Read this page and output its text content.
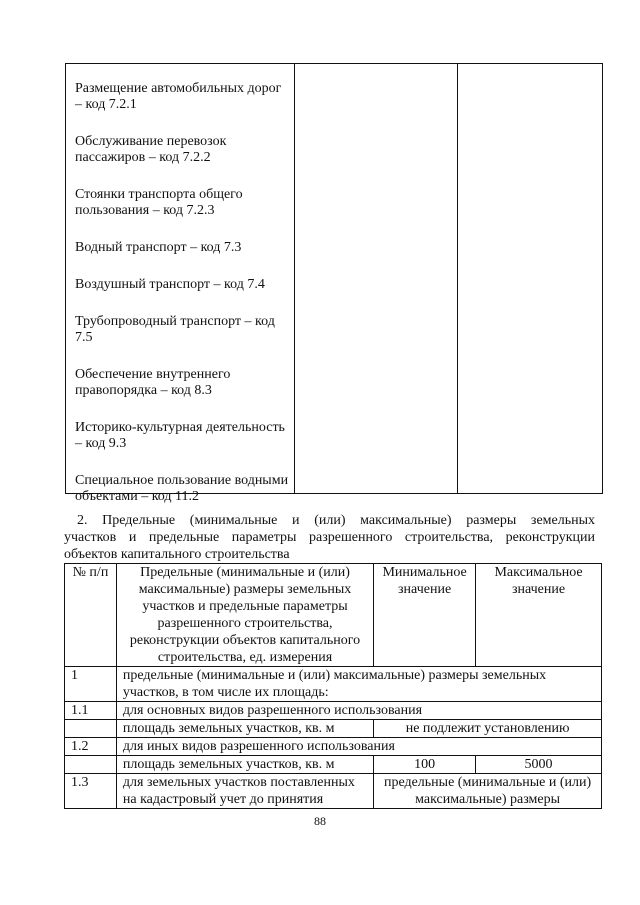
Размещение автомобильных дорог – код 7.2.1
Обслуживание перевозок пассажиров – код 7.2.2
Стоянки транспорта общего пользования – код 7.2.3
Водный транспорт – код 7.3
Воздушный транспорт – код 7.4
Трубопроводный транспорт – код 7.5
Обеспечение внутреннего правопорядка – код 8.3
Историко-культурная деятельность – код 9.3
Специальное пользование водными объектами – код 11.2
2. Предельные (минимальные и (или) максимальные) размеры земельных
участков и предельные параметры разрешенного строительства, реконструкции
объектов капитального строительства
№ п/п	Предельные (минимальные и (или) максимальные) размеры земельных участков и предельные параметры разрешенного строительства, реконструкции объектов капитального строительства, ед. измерения	Минимальное значение	Максимальное значение
1	предельные (минимальные и (или) максимальные) размеры земельных участков, в том числе их площадь:		
1.1	для основных видов разрешенного использования		
	площадь земельных участков, кв. м	не подлежит установлению	
1.2	для иных видов разрешенного использования		
	площадь земельных участков, кв. м	100	5000
1.3	для земельных участков поставленных на кадастровый учет до принятия	предельные (минимальные и (или) максимальные) размеры	
88
